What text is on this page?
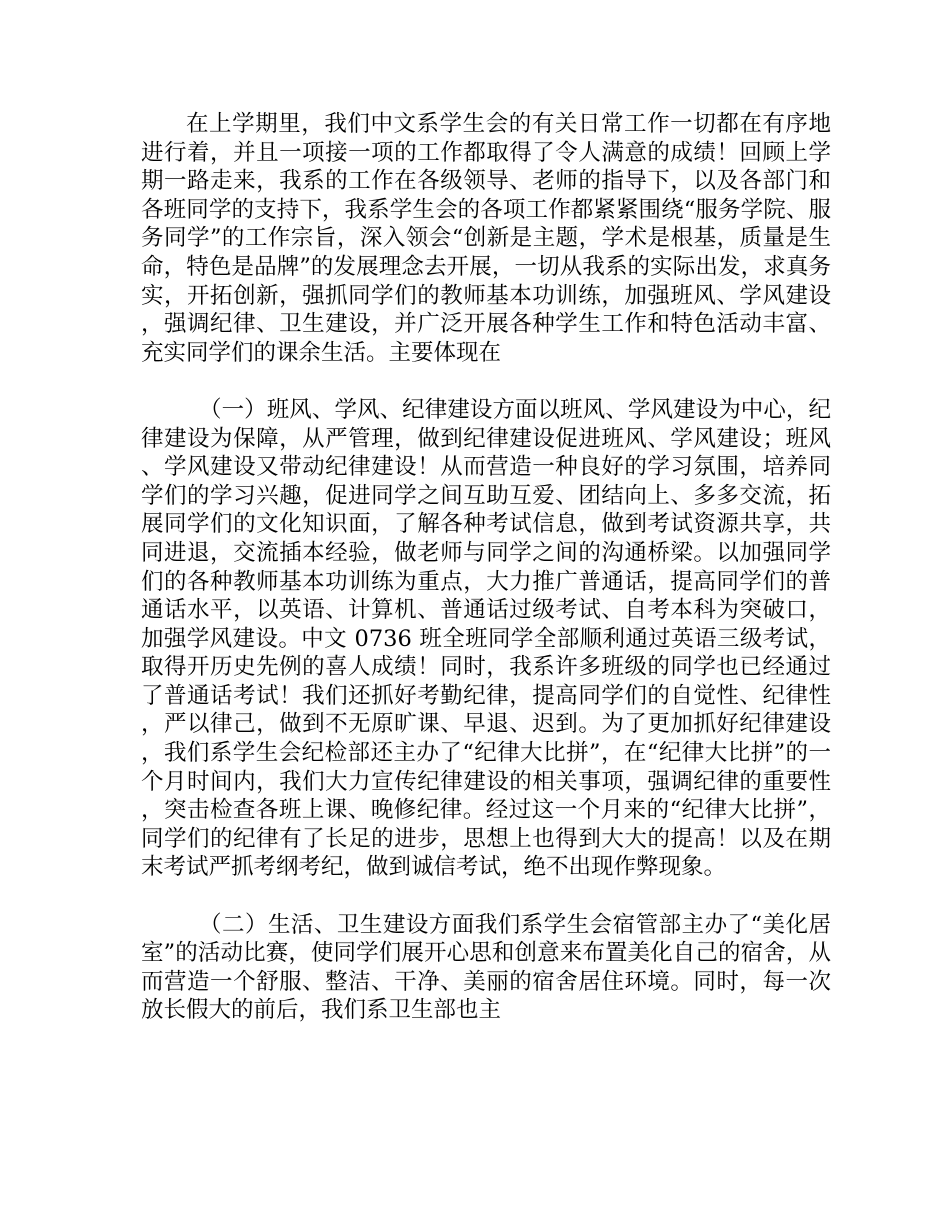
在上学期里，我们中文系学生会的有关日常工作一切都在有序地进行着，并且一项接一项的工作都取得了令人满意的成绩！回顾上学期一路走来，我系的工作在各级领导、老师的指导下，以及各部门和各班同学的支持下，我系学生会的各项工作都紧紧围绕“服务学院、服务同学”的工作宗旨，深入领会“创新是主题，学术是根基，质量是生命，特色是品牌”的发展理念去开展，一切从我系的实际出发，求真务实，开拓创新，强抓同学们的教师基本功训练，加强班风、学风建设，强调纪律、卫生建设，并广泛开展各种学生工作和特色活动丰富、充实同学们的课余生活。主要体现在

（一）班风、学风、纪律建设方面以班风、学风建设为中心，纪律建设为保障，从严管理，做到纪律建设促进班风、学风建设；班风、学风建设又带动纪律建设！从而营造一种良好的学习氛围，培养同学们的学习兴趣，促进同学之间互助互爱、团结向上、多多交流，拓展同学们的文化知识面，了解各种考试信息，做到考试资源共享，共同进退，交流插本经验，做老师与同学之间的沟通桥梁。以加强同学们的各种教师基本功训练为重点，大力推广普通话，提高同学们的普通话水平，以英语、计算机、普通话过级考试、自考本科为突破口，加强学风建设。中文 0736 班全班同学全部顺利通过英语三级考试，取得开历史先例的喜人成绩！同时，我系许多班级的同学也已经通过了普通话考试！我们还抓好考勤纪律，提高同学们的自觉性、纪律性，严以律己，做到不无原旷课、早退、迟到。为了更加抓好纪律建设，我们系学生会纪检部还主办了“纪律大比拼”，在“纪律大比拼”的一个月时间内，我们大力宣传纪律建设的相关事项，强调纪律的重要性，突击检查各班上课、晚修纪律。经过这一个月来的“纪律大比拼”，同学们的纪律有了长足的进步，思想上也得到大大的提高！以及在期末考试严抓考纲考纪，做到诚信考试，绝不出现作弊现象。

（二）生活、卫生建设方面我们系学生会宿管部主办了“美化居室”的活动比赛，使同学们展开心思和创意来布置美化自己的宿舍，从而营造一个舒服、整洁、干净、美丽的宿舍居住环境。同时，每一次放长假大的前后，我们系卫生部也主
